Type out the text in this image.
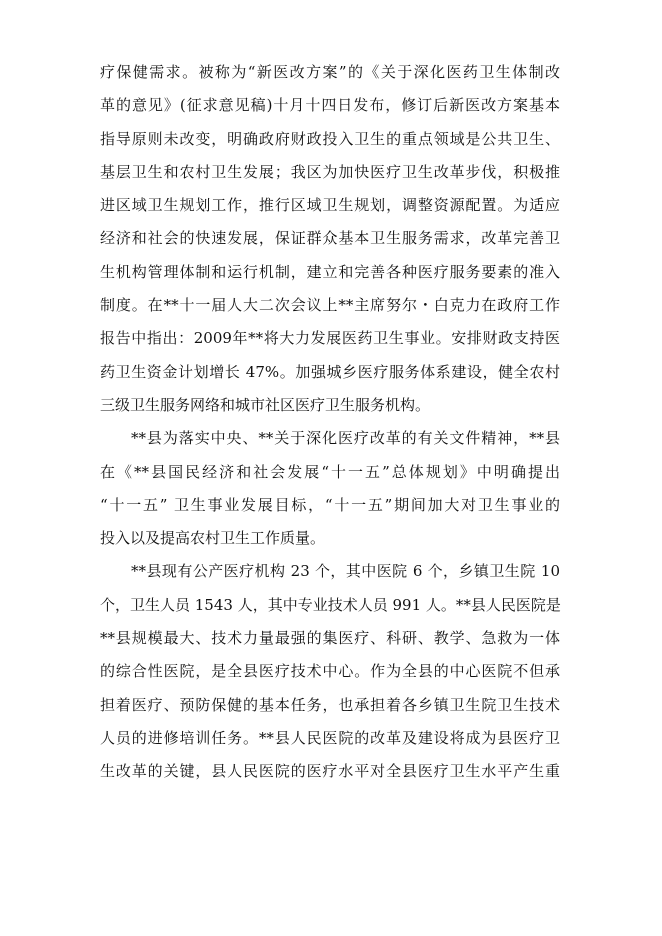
疗保健需求。被称为“新医改方案”的《关于深化医药卫生体制改
革的意见》(征求意见稿)十月十四日发布，修订后新医改方案基本
指导原则未改变，明确政府财政投入卫生的重点领域是公共卫生、
基层卫生和农村卫生发展；我区为加快医疗卫生改革步伐，积极推
进区域卫生规划工作，推行区域卫生规划，调整资源配置。为适应
经济和社会的快速发展，保证群众基本卫生服务需求，改革完善卫
生机构管理体制和运行机制，建立和完善各种医疗服务要素的准入
制度。在**十一届人大二次会议上**主席努尔・白克力在政府工作
报告中指出：2009年**将大力发展医药卫生事业。安排财政支持医
药卫生资金计划增长 47%。加强城乡医疗服务体系建设，健全农村
三级卫生服务网络和城市社区医疗卫生服务机构。
**县为落实中央、**关于深化医疗改革的有关文件精神，**县
在《**县国民经济和社会发展“十一五”总体规划》中明确提出
“十一五” 卫生事业发展目标，“十一五”期间加大对卫生事业的
投入以及提高农村卫生工作质量。
**县现有公产医疗机构 23 个，其中医院 6 个，乡镇卫生院 10
个，卫生人员 1543 人，其中专业技术人员 991 人。**县人民医院是
**县规模最大、技术力量最强的集医疗、科研、教学、急救为一体
的综合性医院，是全县医疗技术中心。作为全县的中心医院不但承
担着医疗、预防保健的基本任务，也承担着各乡镇卫生院卫生技术
人员的进修培训任务。**县人民医院的改革及建设将成为县医疗卫
生改革的关键，县人民医院的医疗水平对全县医疗卫生水平产生重
